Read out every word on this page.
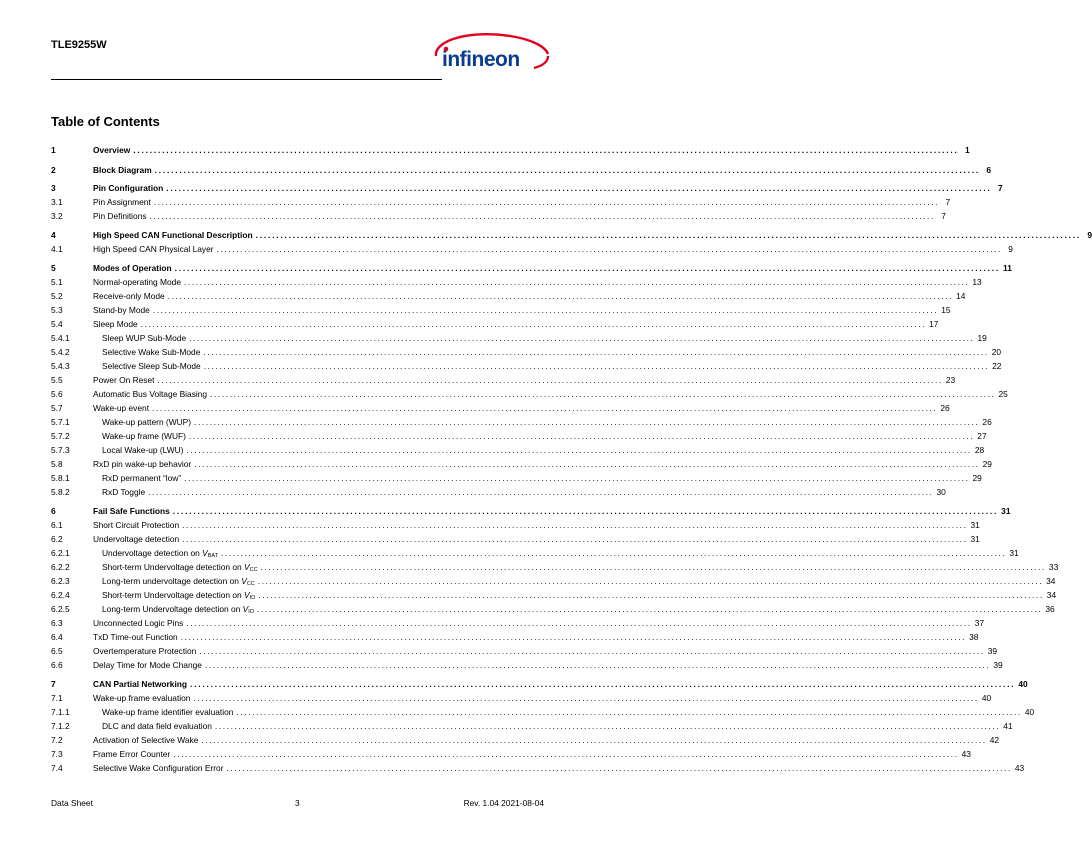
TLE9255W
infineon
Table of Contents
1	Overview ........................................................................................................................................................................................................ 1
2	Block Diagram ........................................................................................................................................................................................................ 6
3	Pin Configuration ........................................................................................................................................................................................................ 7
3.1	Pin Assignment ........................................................................................................................................................................................................ 7
3.2	Pin Definitions ........................................................................................................................................................................................................ 7
4	High Speed CAN Functional Description ........................................................................................................................................................................................................ 9
4.1	High Speed CAN Physical Layer ........................................................................................................................................................................................................ 9
5	Modes of Operation ........................................................................................................................................................................................................ 11
5.1	Normal-operating Mode ........................................................................................................................................................................................................ 13
5.2	Receive-only Mode ........................................................................................................................................................................................................ 14
5.3	Stand-by Mode ........................................................................................................................................................................................................ 15
5.4	Sleep Mode ........................................................................................................................................................................................................ 17
5.4.1	Sleep WUP Sub-Mode ........................................................................................................................................................................................................ 19
5.4.2	Selective Wake Sub-Mode ........................................................................................................................................................................................................ 20
5.4.3	Selective Sleep Sub-Mode ........................................................................................................................................................................................................ 22
5.5	Power On Reset ........................................................................................................................................................................................................ 23
5.6	Automatic Bus Voltage Biasing ........................................................................................................................................................................................................ 25
5.7	Wake-up event ........................................................................................................................................................................................................ 26
5.7.1	Wake-up pattern (WUP) ........................................................................................................................................................................................................ 26
5.7.2	Wake-up frame (WUF) ........................................................................................................................................................................................................ 27
5.7.3	Local Wake-up (LWU) ........................................................................................................................................................................................................ 28
5.8	RxD pin wake-up behavior ........................................................................................................................................................................................................ 29
5.8.1	RxD permanent “low” ........................................................................................................................................................................................................ 29
5.8.2	RxD Toggle ........................................................................................................................................................................................................ 30
6	Fail Safe Functions ........................................................................................................................................................................................................ 31
6.1	Short Circuit Protection ........................................................................................................................................................................................................ 31
6.2	Undervoltage detection ........................................................................................................................................................................................................ 31
6.2.1	Undervoltage detection on $V_{BAT}$ ........................................................................................................................................................................................................ 31
6.2.2	Short-term Undervoltage detection on $V_{CC}$ ........................................................................................................................................................................................................ 33
6.2.3	Long-term undervoltage detection on $V_{CC}$ ........................................................................................................................................................................................................ 34
6.2.4	Short-term Undervoltage detection on $V_{IO}$ ........................................................................................................................................................................................................ 34
6.2.5	Long-term Undervoltage detection on $V_{IO}$ ........................................................................................................................................................................................................ 36
6.3	Unconnected Logic Pins ........................................................................................................................................................................................................ 37
6.4	TxD Time-out Function ........................................................................................................................................................................................................ 38
6.5	Overtemperature Protection ........................................................................................................................................................................................................ 39
6.6	Delay Time for Mode Change ........................................................................................................................................................................................................ 39
7	CAN Partial Networking ........................................................................................................................................................................................................ 40
7.1	Wake-up frame evaluation ........................................................................................................................................................................................................ 40
7.1.1	Wake-up frame identifier evaluation ........................................................................................................................................................................................................ 40
7.1.2	DLC and data field evaluation ........................................................................................................................................................................................................ 41
7.2	Activation of Selective Wake ........................................................................................................................................................................................................ 42
7.3	Frame Error Counter ........................................................................................................................................................................................................ 43
7.4	Selective Wake Configuration Error ........................................................................................................................................................................................................ 43
Data Sheet	3	Rev. 1.04 2021-08-04
